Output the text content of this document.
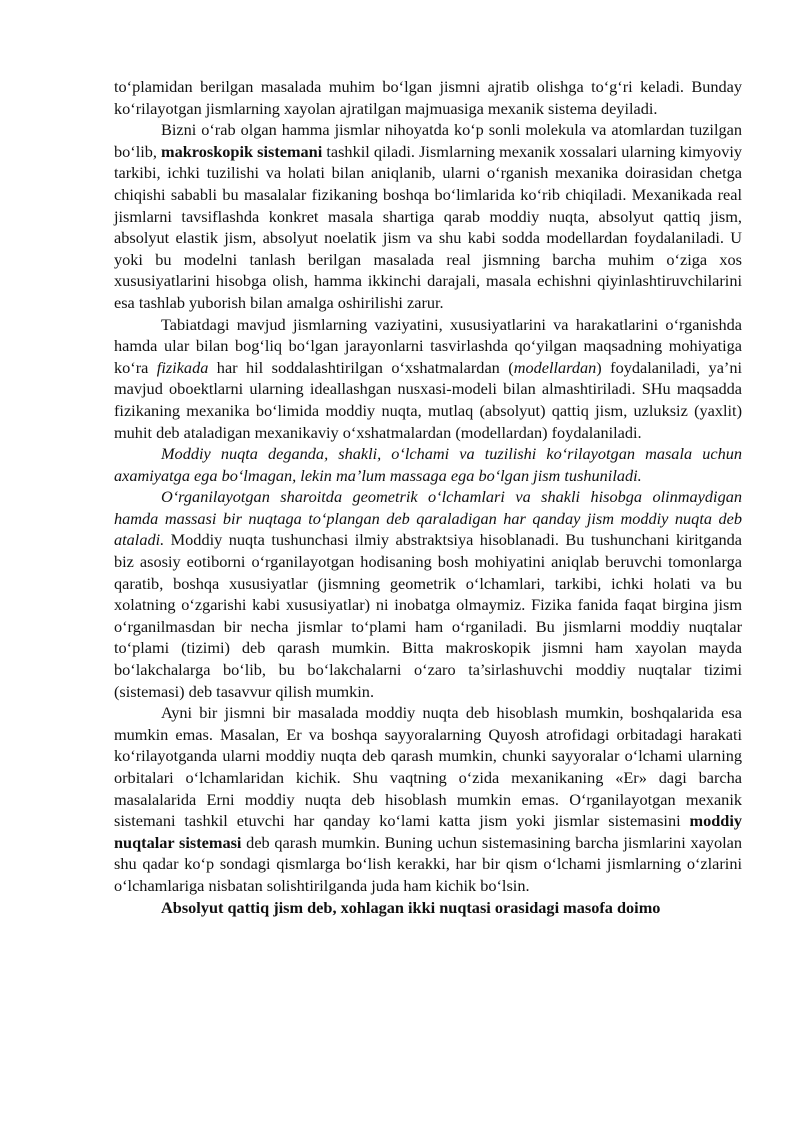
to‘plamidan berilgan masalada muhim bo‘lgan jismni ajratib olishga to‘g‘ri keladi. Bunday ko‘rilayotgan jismlarning xayolan ajratilgan majmuasiga mexanik sistema deyiladi.

Bizni o‘rab olgan hamma jismlar nihoyatda ko‘p sonli molekula va atomlardan tuzilgan bo‘lib, makroskopik sistemani tashkil qiladi. Jismlarning mexanik xossalari ularning kimyoviy tarkibi, ichki tuzilishi va holati bilan aniqlanib, ularni o‘rganish mexanika doirasidan chetga chiqishi sababli bu masalalar fizikaning boshqa bo‘limlarida ko‘rib chiqiladi. Mexanikada real jismlarni tavsiflashda konkret masala shartiga qarab moddiy nuqta, absolyut qattiq jism, absolyut elastik jism, absolyut noelatik jism va shu kabi sodda modellardan foydalaniladi. U yoki bu modelni tanlash berilgan masalada real jismning barcha muhim o‘ziga xos xususiyatlarini hisobga olish, hamma ikkinchi darajali, masala echishni qiyinlashtiruvchilarini esa tashlab yuborish bilan amalga oshirilishi zarur.

Tabiatdagi mavjud jismlarning vaziyatini, xususiyatlarini va harakatlarini o‘rganishda hamda ular bilan bog‘liq bo‘lgan jarayonlarni tasvirlashda qo‘yilgan maqsadning mohiyatiga ko‘ra fizikada har hil soddalashtirilgan o‘xshatmalardan (modellardan) foydalaniladi, ya’ni mavjud oboektlarni ularning ideallashgan nusxasi-modeli bilan almashtiriladi. SHu maqsadda fizikaning mexanika bo‘limida moddiy nuqta, mutlaq (absolyut) qattiq jism, uzluksiz (yaxlit) muhit deb ataladigan mexanikaviy o‘xshatmalardan (modellardan) foydalaniladi.

Moddiy nuqta deganda, shakli, o‘lchami va tuzilishi ko‘rilayotgan masala uchun axamiyatga ega bo‘lmagan, lekin ma’lum massaga ega bo‘lgan jism tushuniladi.

O‘rganilayotgan sharoitda geometrik o‘lchamlari va shakli hisobga olinmaydigan hamda massasi bir nuqtaga to‘plangan deb qaraladigan har qanday jism moddiy nuqta deb ataladi. Moddiy nuqta tushunchasi ilmiy abstraktsiya hisoblanadi. Bu tushunchani kiritganda biz asosiy eotiborni o‘rganilayotgan hodisaning bosh mohiyatini aniqlab beruvchi tomonlarga qaratib, boshqa xususiyatlar (jismning geometrik o‘lchamlari, tarkibi, ichki holati va bu xolatning o‘zgarishi kabi xususiyatlar) ni inobatga olmaymiz. Fizika fanida faqat birgina jism o‘rganilmasdan bir necha jismlar to‘plami ham o‘rganiladi. Bu jismlarni moddiy nuqtalar to‘plami (tizimi) deb qarash mumkin. Bitta makroskopik jismni ham xayolan mayda bo‘lakchalarga bo‘lib, bu bo‘lakchalarni o‘zaro ta’sirlashuvchi moddiy nuqtalar tizimi (sistemasi) deb tasavvur qilish mumkin.

Ayni bir jismni bir masalada moddiy nuqta deb hisoblash mumkin, boshqalarida esa mumkin emas. Masalan, Er va boshqa sayyoralarning Quyosh atrofidagi orbitadagi harakati ko‘rilayotganda ularni moddiy nuqta deb qarash mumkin, chunki sayyoralar o‘lchami ularning orbitalari o‘lchamlaridan kichik. Shu vaqtning o‘zida mexanikaning «Er» dagi barcha masalalarida Erni moddiy nuqta deb hisoblash mumkin emas. O‘rganilayotgan mexanik sistemani tashkil etuvchi har qanday ko‘lami katta jism yoki jismlar sistemasini moddiy nuqtalar sistemasi deb qarash mumkin. Buning uchun sistemasining barcha jismlarini xayolan shu qadar ko‘p sondagi qismlarga bo‘lish kerakki, har bir qism o‘lchami jismlarning o‘zlarini o‘lchamlariga nisbatan solishtirilganda juda ham kichik bo‘lsin.

Absolyut qattiq jism deb, xohlagan ikki nuqtasi orasidagi masofa doimo
